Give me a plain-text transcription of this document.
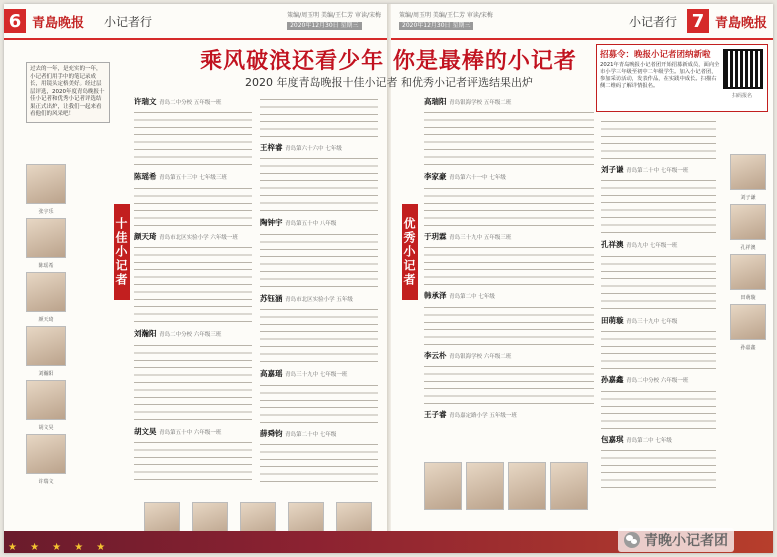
6 青島晚报	小记者行	策编/周玉明 美编/王仁芳 审读/宋梅
2020年12月30日 星期三
策编/周玉明 美编/王仁芳 审读/宋梅
2020年12月30日 星期三	小记者行 7 青島晚报
乘风破浪还看少年 你是最棒的小记者
2020 年度青岛晚报十佳小记者 和优秀小记者评选结果出炉
过去的一年，是充实的一年，小记者们用手中的笔记录成长，用镜头定格美好。经过层层评选，2020年度青岛晚报十佳小记者和优秀小记者评选结果正式出炉，让我们一起来看看他们的风采吧！
张宇乐
陈瑶希
颜天琦
刘瀚阳
胡文昊
许瑞文
十佳小记者	优秀小记者
许瑞文 青岛二中分校 五年级一班
陈瑶希 青岛第五十三中 七年级三班
颜天琦 青岛市北区实验小学 六年级一班
刘瀚阳 青岛二中分校 六年级三班
胡文昊 青岛第五十中 六年级一班
王梓睿 青岛第六十六中 七年级
陶钟宇 青岛第五十中 八年级
苏钰涵 青岛市北区实验小学 五年级
高嘉瑶 青岛三十九中 七年级一班
薛舜钧 青岛第二十中 七年级
高瑞阳 青岛银海学校 五年级二班
李家豪 青岛第六十一中 七年级
于玥霖 青岛三十九中 五年级三班
韩承泽 青岛第二中 七年级
李云朴 青岛银海学校 六年级二班
王子睿 青岛嘉定路小学 五年级一班
招募令：晚报小记者团纳新啦
2021年青岛晚报小记者团开始招募新成员，面向全市小学三年级至初中二年级学生。加入小记者团，参加采访活动，发表作品，在实践中成长。扫描右侧二维码了解详情报名。
扫码报名
刘子谦 青岛第二十中 七年级一班
孔祥澳 青岛九中 七年级一班
田萌璇 青岛三十九中 七年级
孙嘉鑫 青岛二中分校 六年级一班
包嘉琪 青岛第二中 七年级
刘子谦
孔祥澳
田萌璇
孙嘉鑫
$_★$ $_★$ $_★$ $_★$ $_★$	青晚小记者团
